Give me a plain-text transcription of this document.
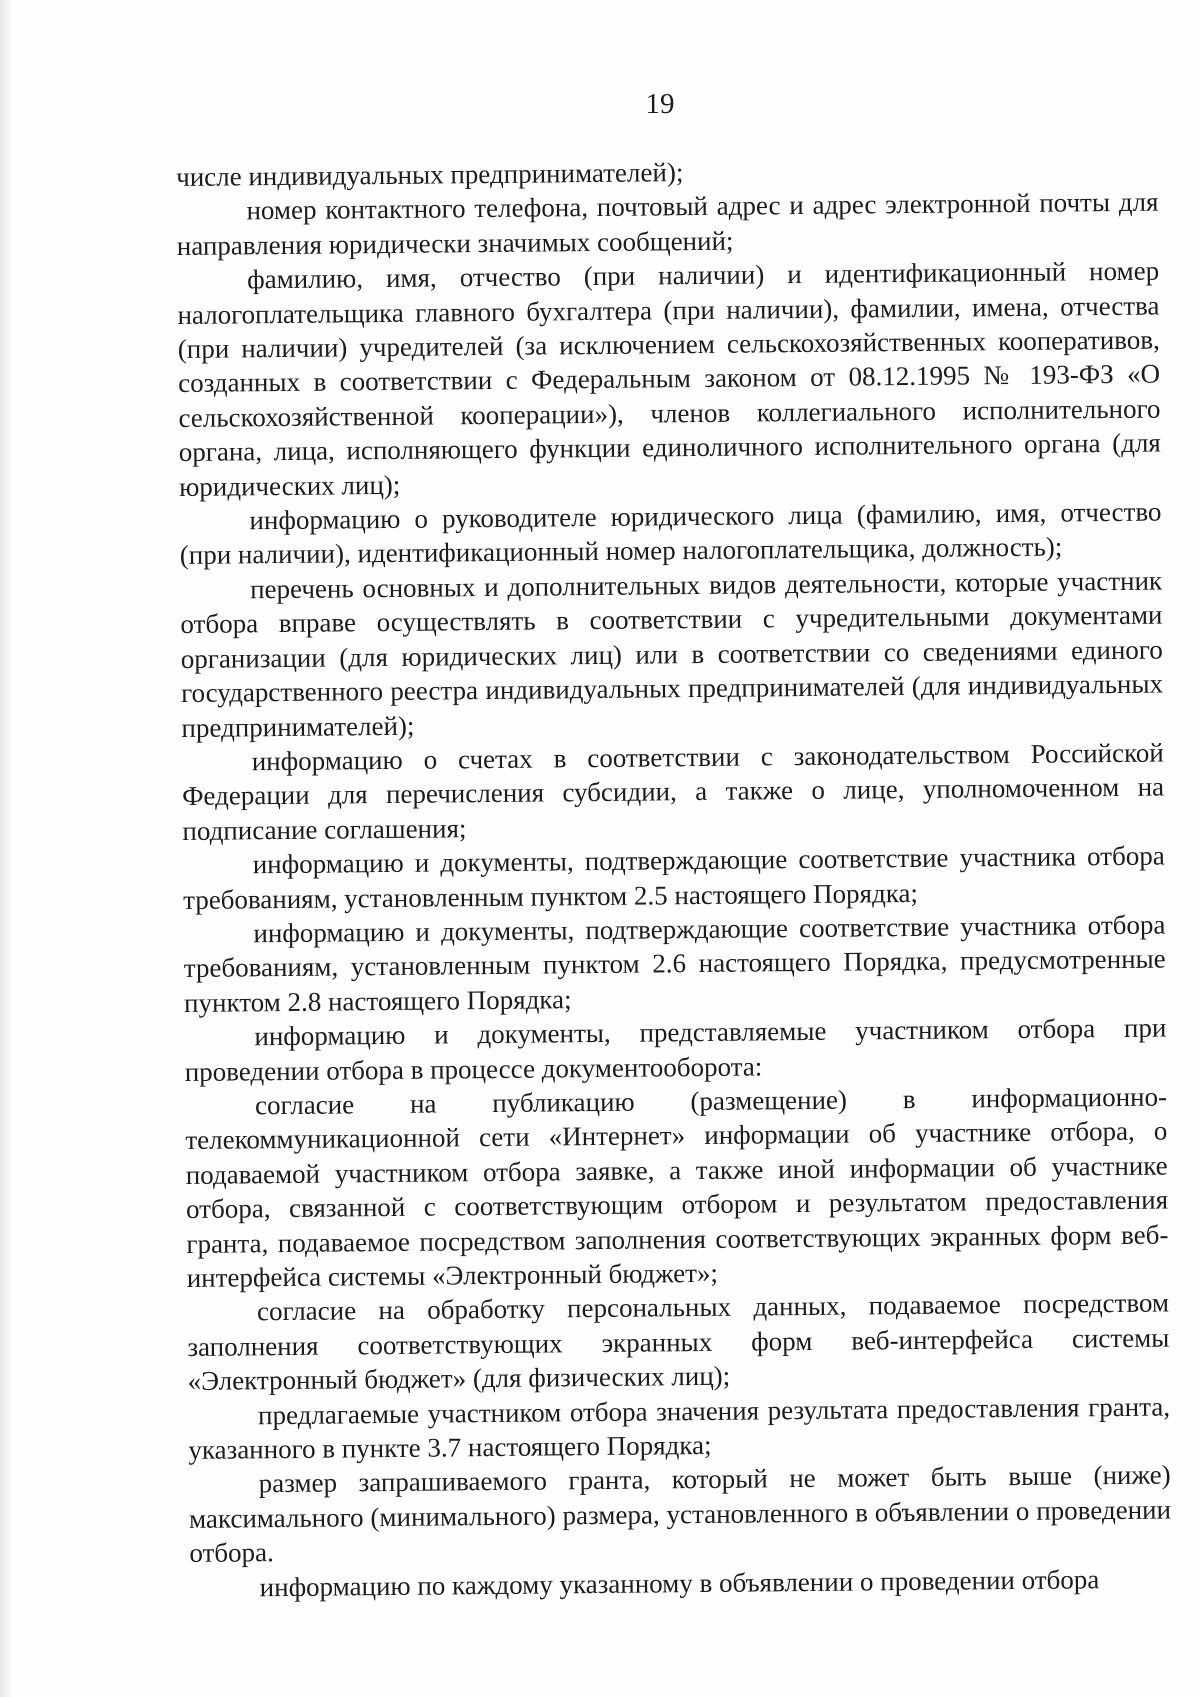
19

числе индивидуальных предпринимателей);

номер контактного телефона, почтовый адрес и адрес электронной почты для направления юридически значимых сообщений;

фамилию, имя, отчество (при наличии) и идентификационный номер налогоплательщика главного бухгалтера (при наличии), фамилии, имена, отчества (при наличии) учредителей (за исключением сельскохозяйственных кооперативов, созданных в соответствии с Федеральным законом от 08.12.1995 № 193-ФЗ «О сельскохозяйственной кооперации»), членов коллегиального исполнительного органа, лица, исполняющего функции единоличного исполнительного органа (для юридических лиц);

информацию о руководителе юридического лица (фамилию, имя, отчество (при наличии), идентификационный номер налогоплательщика, должность);

перечень основных и дополнительных видов деятельности, которые участник отбора вправе осуществлять в соответствии с учредительными документами организации (для юридических лиц) или в соответствии со сведениями единого государственного реестра индивидуальных предпринимателей (для индивидуальных предпринимателей);

информацию о счетах в соответствии с законодательством Российской Федерации для перечисления субсидии, а также о лице, уполномоченном на подписание соглашения;

информацию и документы, подтверждающие соответствие участника отбора требованиям, установленным пунктом 2.5 настоящего Порядка;

информацию и документы, подтверждающие соответствие участника отбора требованиям, установленным пунктом 2.6 настоящего Порядка, предусмотренные пунктом 2.8 настоящего Порядка;

информацию и документы, представляемые участником отбора при проведении отбора в процессе документооборота:

согласие на публикацию (размещение) в информационно-телекоммуникационной сети «Интернет» информации об участнике отбора, о подаваемой участником отбора заявке, а также иной информации об участнике отбора, связанной с соответствующим отбором и результатом предоставления гранта, подаваемое посредством заполнения соответствующих экранных форм веб-интерфейса системы «Электронный бюджет»;

согласие на обработку персональных данных, подаваемое посредством заполнения соответствующих экранных форм веб-интерфейса системы «Электронный бюджет» (для физических лиц);

предлагаемые участником отбора значения результата предоставления гранта, указанного в пункте 3.7 настоящего Порядка;

размер запрашиваемого гранта, который не может быть выше (ниже) максимального (минимального) размера, установленного в объявлении о проведении отбора.

информацию по каждому указанному в объявлении о проведении отбора
